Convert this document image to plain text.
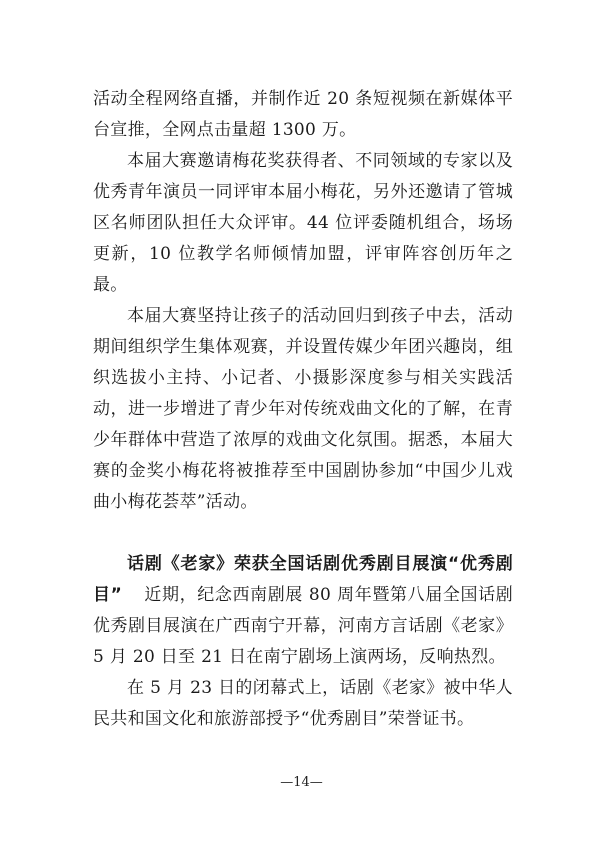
活动全程网络直播，并制作近 20 条短视频在新媒体平台宣推，全网点击量超 1300 万。

本届大赛邀请梅花奖获得者、不同领域的专家以及优秀青年演员一同评审本届小梅花，另外还邀请了管城区名师团队担任大众评审。44 位评委随机组合，场场更新，10 位教学名师倾情加盟，评审阵容创历年之最。

本届大赛坚持让孩子的活动回归到孩子中去，活动期间组织学生集体观赛，并设置传媒少年团兴趣岗，组织选拔小主持、小记者、小摄影深度参与相关实践活动，进一步增进了青少年对传统戏曲文化的了解，在青少年群体中营造了浓厚的戏曲文化氛围。据悉，本届大赛的金奖小梅花将被推荐至中国剧协参加“中国少儿戏曲小梅花荟萃”活动。

话剧《老家》荣获全国话剧优秀剧目展演“优秀剧目” 近期，纪念西南剧展 80 周年暨第八届全国话剧优秀剧目展演在广西南宁开幕，河南方言话剧《老家》5 月 20 日至 21 日在南宁剧场上演两场，反响热烈。

在 5 月 23 日的闭幕式上，话剧《老家》被中华人民共和国文化和旅游部授予“优秀剧目”荣誉证书。

—14—
